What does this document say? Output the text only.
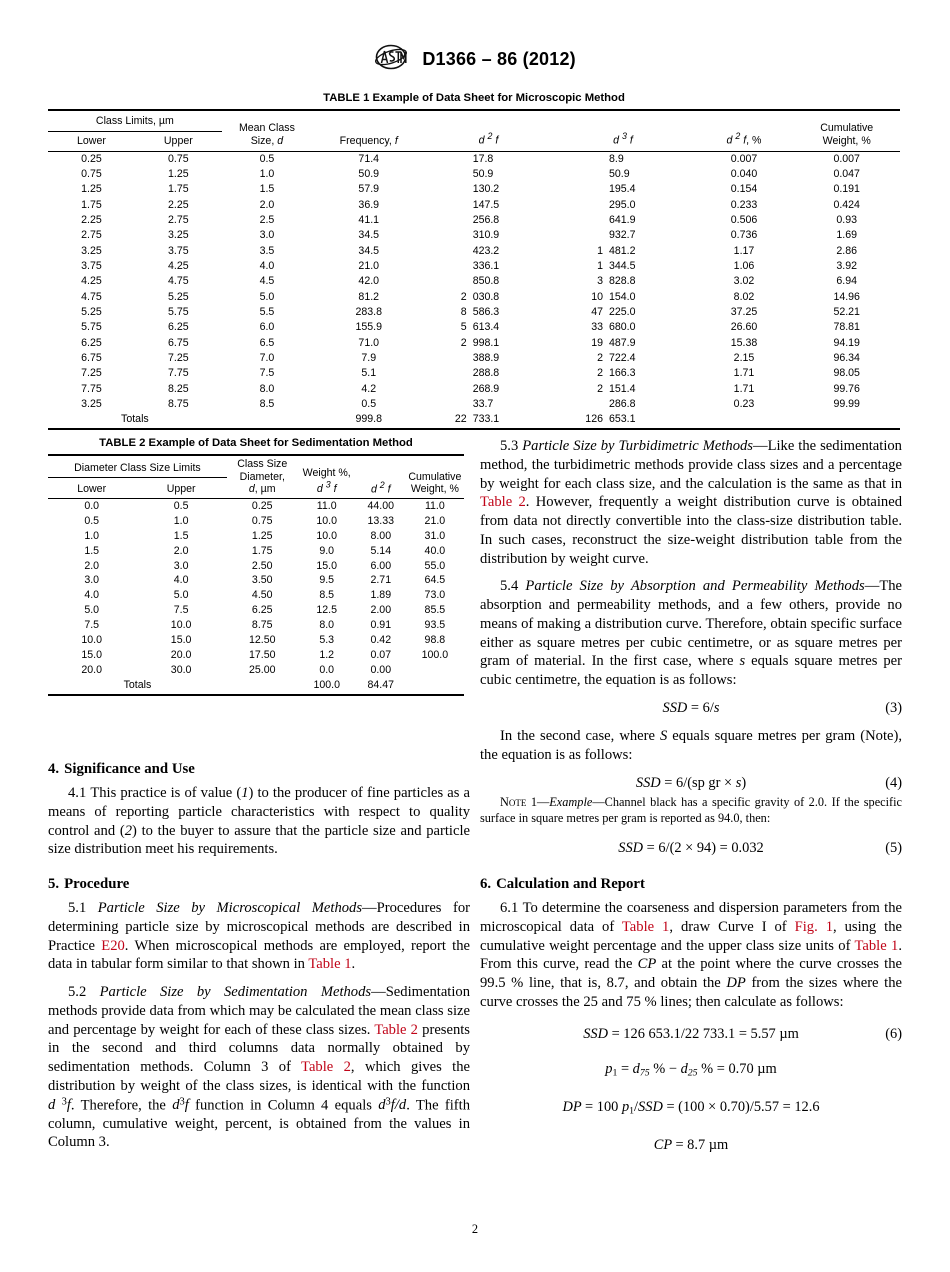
D1366 – 86 (2012)
TABLE 1 Example of Data Sheet for Microscopic Method
Class Limits, µm		Mean Class
Size, d	Frequency, f	d $^2$ f		d $^3$ f		d $^2$ f, %	Cumulative
Weight, %
Lower	Upper								
0.25	0.75	0.5	71.4		17.8		8.9	0.007	0.007
0.75	1.25	1.0	50.9		50.9		50.9	0.040	0.047
1.25	1.75	1.5	57.9		130.2		195.4	0.154	0.191
1.75	2.25	2.0	36.9		147.5		295.0	0.233	0.424
2.25	2.75	2.5	41.1		256.8		641.9	0.506	0.93
2.75	3.25	3.0	34.5		310.9		932.7	0.736	1.69
3.25	3.75	3.5	34.5		423.2	1	481.2	1.17	2.86
3.75	4.25	4.0	21.0		336.1	1	344.5	1.06	3.92
4.25	4.75	4.5	42.0		850.8	3	828.8	3.02	6.94
4.75	5.25	5.0	81.2	2	030.8	10	154.0	8.02	14.96
5.25	5.75	5.5	283.8	8	586.3	47	225.0	37.25	52.21
5.75	6.25	6.0	155.9	5	613.4	33	680.0	26.60	78.81
6.25	6.75	6.5	71.0	2	998.1	19	487.9	15.38	94.19
6.75	7.25	7.0	7.9		388.9	2	722.4	2.15	96.34
7.25	7.75	7.5	5.1		288.8	2	166.3	1.71	98.05
7.75	8.25	8.0	4.2		268.9	2	151.4	1.71	99.76
3.25	8.75	8.5	0.5		33.7		286.8	0.23	99.99
Totals			999.8	22	733.1	126	653.1		
TABLE 2 Example of Data Sheet for Sedimentation Method
Diameter Class Size Limits		Class Size
Diameter,
d, µm	Weight %,
d $^3$ f	d $^2$ f	Cumulative
Weight, %
Lower	Upper				
0.0	0.5	0.25	11.0	44.00	11.0
0.5	1.0	0.75	10.0	13.33	21.0
1.0	1.5	1.25	10.0	8.00	31.0
1.5	2.0	1.75	9.0	5.14	40.0
2.0	3.0	2.50	15.0	6.00	55.0
3.0	4.0	3.50	9.5	2.71	64.5
4.0	5.0	4.50	8.5	1.89	73.0
5.0	7.5	6.25	12.5	2.00	85.5
7.5	10.0	8.75	8.0	0.91	93.5
10.0	15.0	12.50	5.3	0.42	98.8
15.0	20.0	17.50	1.2	0.07	100.0
20.0	30.0	25.00	0.0	0.00	
Totals			100.0	84.47	
4. Significance and Use

4.1 This practice is of value (1) to the producer of fine particles as a means of reporting particle characteristics with respect to quality control and (2) to the buyer to assure that the particle size and particle size distribution meet his requirements.

5. Procedure

5.1 Particle Size by Microscopical Methods—Procedures for determining particle size by microscopical methods are described in Practice E20. When microscopical methods are employed, report the data in tabular form similar to that shown in Table 1.

5.2 Particle Size by Sedimentation Methods—Sedimentation methods provide data from which may be calculated the mean class size and percentage by weight for each of these class sizes. Table 2 presents in the second and third columns data normally obtained by sedimentation methods. Column 3 of Table 2, which gives the distribution by weight of the class sizes, is identical with the function d $^3$f. Therefore, the $d^3f$ function in Column 4 equals $d^3f/d$. The fifth column, cumulative weight, percent, is obtained from the values in Column 3.

5.3 Particle Size by Turbidimetric Methods—Like the sedimentation method, the turbidimetric methods provide class sizes and a percentage by weight for each class size, and the calculation is the same as that in Table 2. However, frequently a weight distribution curve is obtained from data not directly convertible into the class-size distribution table. In such cases, reconstruct the size-weight distribution table from the distribution by weight curve.

5.4 Particle Size by Absorption and Permeability Methods—The absorption and permeability methods, and a few others, provide no means of making a distribution curve. Therefore, obtain specific surface either as square metres per cubic centimetre, or as square metres per gram of material. In the first case, where s equals square metres per cubic centimetre, the equation is as follows:

SSD = 6/s	(3)

In the second case, where S equals square metres per gram (Note), the equation is as follows:

SSD = 6/(sp gr × s)	(4)

Note 1—Example—Channel black has a specific gravity of 2.0. If the specific surface in square metres per gram is reported as 94.0, then:

SSD = 6/(2 × 94) = 0.032	(5)
6. Calculation and Report

6.1 To determine the coarseness and dispersion parameters from the microscopical data of Table 1, draw Curve I of Fig. 1, using the cumulative weight percentage and the upper class size units of Table 1. From this curve, read the CP at the point where the curve crosses the 99.5 % line, that is, 8.7, and obtain the DP from the sizes where the curve crosses the 25 and 75 % lines; then calculate as follows:

SSD = 126 653.1/22 733.1 = 5.57 µm	(6)
$p_1 = d_{75}$ % − $d_{25}$ % = 0.70 µm
DP = 100 $p_1$/SSD = (100 × 0.70)/5.57 = 12.6
CP = 8.7 µm
2
